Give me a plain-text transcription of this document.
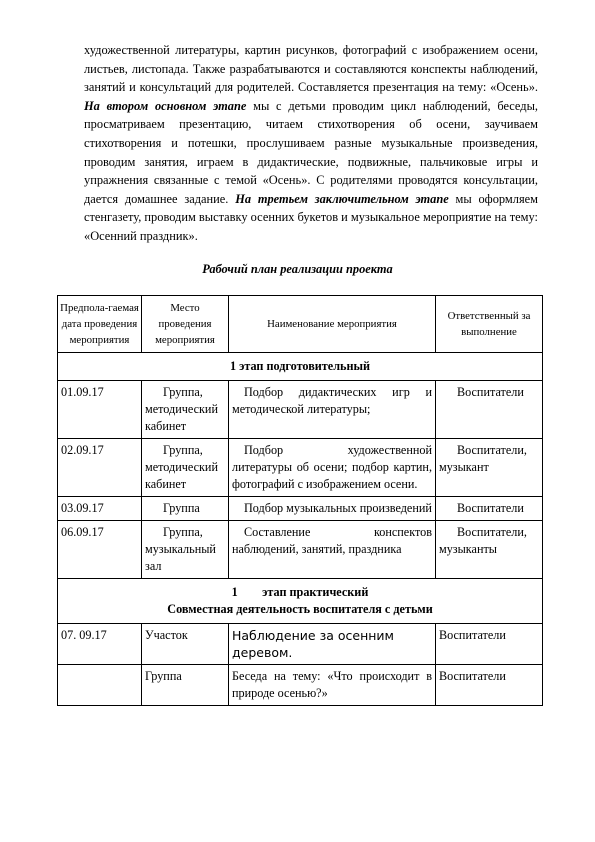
художественной литературы, картин рисунков, фотографий с изображением осени, листьев, листопада. Также разрабатываются и составляются конспекты наблюдений, занятий и консультаций для родителей. Составляется презентация на тему: «Осень». На втором основном этапе мы с детьми проводим цикл наблюдений, беседы, просматриваем презентацию, читаем стихотворения об осени, заучиваем стихотворения и потешки, прослушиваем разные музыкальные произведения, проводим занятия, играем в дидактические, подвижные, пальчиковые игры и упражнения связанные с темой «Осень». С родителями проводятся консультации, дается домашнее задание. На третьем заключительном этапе мы оформляем стенгазету, проводим выставку осенних букетов и музыкальное мероприятие на тему: «Осенний праздник».

Рабочий план реализации проекта

Предпола-гаемая дата проведения мероприятия	Место проведения мероприятия	Наименование мероприятия	Ответственный за выполнение
1 этап подготовительный			
01.09.17	Группа, методический кабинет	Подбор дидактических игр и методической литературы;	Воспитатели
02.09.17	Группа, методический кабинет	Подбор художественной литературы об осени; подбор картин, фотографий с изображением осени.	Воспитатели, музыкант
03.09.17	Группа	Подбор музыкальных произведений	Воспитатели
06.09.17	Группа, музыкальный зал	Составление конспектов наблюдений, занятий, праздника	Воспитатели, музыканты
1 этап практический
Совместная деятельность воспитателя с детьми			
07. 09.17	Участок	Наблюдение за осенним деревом.	Воспитатели
	Группа	Беседа на тему: «Что происходит в природе осенью?»	Воспитатели
